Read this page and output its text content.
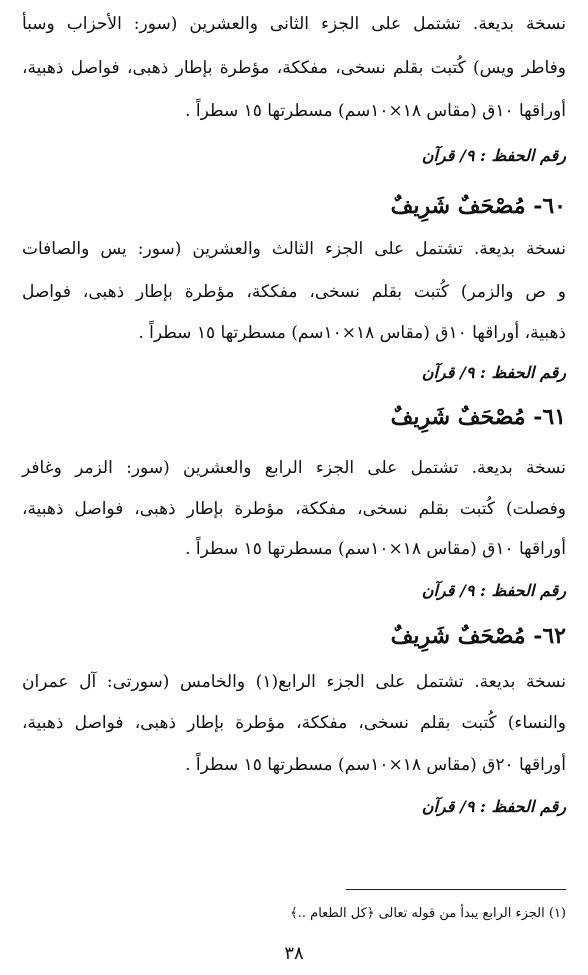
نسخة بديعة. تشتمل على الجزء الثانى والعشرين (سور: الأحزاب وسبأ
وفاطر ويس) كُتبت بقلم نسخى، مفككة، مؤطرة بإطار ذهبى، فواصل ذهبية،
أوراقها ١٠ق (مقاس ١٨×١٠سم) مسطرتها ١٥ سطراً .
رقم الحفظ : ٩/ قرآن
٦٠- مُصْحَفٌ شَرِيفٌ
نسخة بديعة. تشتمل على الجزء الثالث والعشرين (سور: يس والصافات
و ص والزمر) كُتبت بقلم نسخى، مفككة، مؤطرة بإطار ذهبى، فواصل
ذهبية، أوراقها ١٠ق (مقاس ١٨×١٠سم) مسطرتها ١٥ سطراً .
رقم الحفظ : ٩/ قرآن
٦١- مُصْحَفٌ شَرِيفٌ
نسخة بديعة. تشتمل على الجزء الرابع والعشرين (سور: الزمر وغافر
وفصلت) كُتبت بقلم نسخى، مفككة، مؤطرة بإطار ذهبى، فواصل ذهبية،
أوراقها ١٠ق (مقاس ١٨×١٠سم) مسطرتها ١٥ سطراً .
رقم الحفظ : ٩/ قرآن
٦٢- مُصْحَفٌ شَرِيفٌ
نسخة بديعة. تشتمل على الجزء الرابع(١) والخامس (سورتى: آل عمران
والنساء) كُتبت بقلم نسخى، مفككة، مؤطرة بإطار ذهبى، فواصل ذهبية،
أوراقها ٢٠ق (مقاس ١٨×١٠سم) مسطرتها ١٥ سطراً .
رقم الحفظ : ٩/ قرآن
(١) الجزء الرابع يبدأ من قوله تعالى ﴿كل الطعام ..﴾
٣٨
